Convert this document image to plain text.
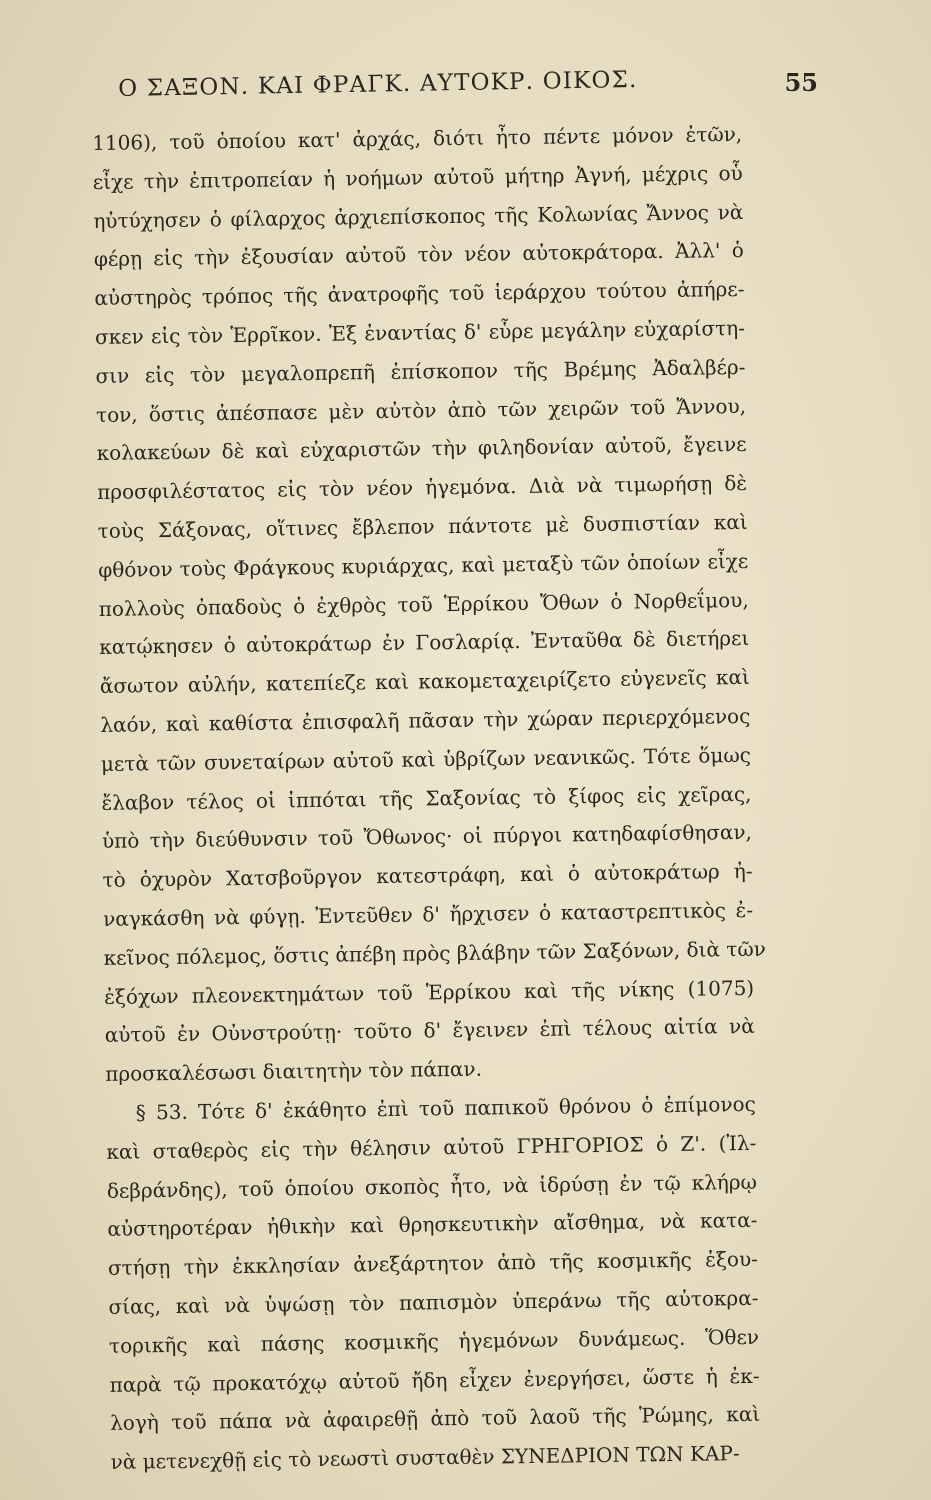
Ο ΣΑΞΟΝ. ΚΑΙ ΦΡΑΓΚ. ΑΥΤΟΚΡ. ΟΙΚΟΣ.	55
1106), τοῦ ὁποίου κατ' ἀρχάς, διότι ἦτο πέντε μόνον ἐτῶν,
εἶχε τὴν ἐπιτροπείαν ἡ νοήμων αὐτοῦ μήτηρ Ἀγνή, μέχρις οὗ
ηὐτύχησεν ὁ φίλαρχος ἀρχιεπίσκοπος τῆς Κολωνίας Ἄννος νὰ
φέρῃ εἰς τὴν ἐξουσίαν αὐτοῦ τὸν νέον αὐτοκράτορα. Ἀλλ' ὁ
αὐστηρὸς τρόπος τῆς ἀνατροφῆς τοῦ ἱεράρχου τούτου ἀπήρε-
σκεν εἰς τὸν Ἑρρῖκον. Ἐξ ἐναντίας δ' εὗρε μεγάλην εὐχαρίστη-
σιν εἰς τὸν μεγαλοπρεπῆ ἐπίσκοπον τῆς Βρέμης Ἀδαλβέρ-
τον, ὅστις ἀπέσπασε μὲν αὐτὸν ἀπὸ τῶν χειρῶν τοῦ Ἄννου,
κολακεύων δὲ καὶ εὐχαριστῶν τὴν φιληδονίαν αὐτοῦ, ἔγεινε
προσφιλέστατος εἰς τὸν νέον ἡγεμόνα. Διὰ νὰ τιμωρήσῃ δὲ
τοὺς Σάξονας, οἵτινες ἔβλεπον πάντοτε μὲ δυσπιστίαν καὶ
φθόνον τοὺς Φράγκους κυριάρχας, καὶ μεταξὺ τῶν ὁποίων εἶχε
πολλοὺς ὀπαδοὺς ὁ ἐχθρὸς τοῦ Ἑρρίκου Ὄθων ὁ Νορθεΐμου,
κατῴκησεν ὁ αὐτοκράτωρ ἐν Γοσλαρίᾳ. Ἐνταῦθα δὲ διετήρει
ἄσωτον αὐλήν, κατεπίεζε καὶ κακομεταχειρίζετο εὐγενεῖς καὶ
λαόν, καὶ καθίστα ἐπισφαλῆ πᾶσαν τὴν χώραν περιερχόμενος
μετὰ τῶν συνεταίρων αὐτοῦ καὶ ὑβρίζων νεανικῶς. Τότε ὅμως
ἔλαβον τέλος οἱ ἱππόται τῆς Σαξονίας τὸ ξίφος εἰς χεῖρας,
ὑπὸ τὴν διεύθυνσιν τοῦ Ὄθωνος· οἱ πύργοι κατηδαφίσθησαν,
τὸ ὀχυρὸν Χατσβοῦργον κατεστράφη, καὶ ὁ αὐτοκράτωρ ἠ-
ναγκάσθη νὰ φύγῃ. Ἐντεῦθεν δ' ἤρχισεν ὁ καταστρεπτικὸς ἐ-
κεῖνος πόλεμος, ὅστις ἀπέβη πρὸς βλάβην τῶν Σαξόνων, διὰ τῶν
ἐξόχων πλεονεκτημάτων τοῦ Ἑρρίκου καὶ τῆς νίκης (1075)
αὐτοῦ ἐν Οὐνστρούτῃ· τοῦτο δ' ἔγεινεν ἐπὶ τέλους αἰτία νὰ
προσκαλέσωσι διαιτητὴν τὸν πάπαν.
§ 53. Τότε δ' ἐκάθητο ἐπὶ τοῦ παπικοῦ θρόνου ὁ ἐπίμονος
καὶ σταθερὸς εἰς τὴν θέλησιν αὐτοῦ ΓΡΗΓΟΡΙΟΣ ὁ Ζ'. (Ἰλ-
δεβράνδης), τοῦ ὁποίου σκοπὸς ἦτο, νὰ ἱδρύσῃ ἐν τῷ κλήρῳ
αὐστηροτέραν ἠθικὴν καὶ θρησκευτικὴν αἴσθημα, νὰ κατα-
στήσῃ τὴν ἐκκλησίαν ἀνεξάρτητον ἀπὸ τῆς κοσμικῆς ἐξου-
σίας, καὶ νὰ ὑψώσῃ τὸν παπισμὸν ὑπεράνω τῆς αὐτοκρα-
τορικῆς καὶ πάσης κοσμικῆς ἡγεμόνων δυνάμεως. Ὅθεν
παρὰ τῷ προκατόχῳ αὐτοῦ ἤδη εἶχεν ἐνεργήσει, ὥστε ἡ ἐκ-
λογὴ τοῦ πάπα νὰ ἀφαιρεθῇ ἀπὸ τοῦ λαοῦ τῆς Ῥώμης, καὶ
νὰ μετενεχθῇ εἰς τὸ νεωστὶ συσταθὲν ΣΥΝΕΔΡΙΟΝ ΤΩΝ ΚΑΡ-
